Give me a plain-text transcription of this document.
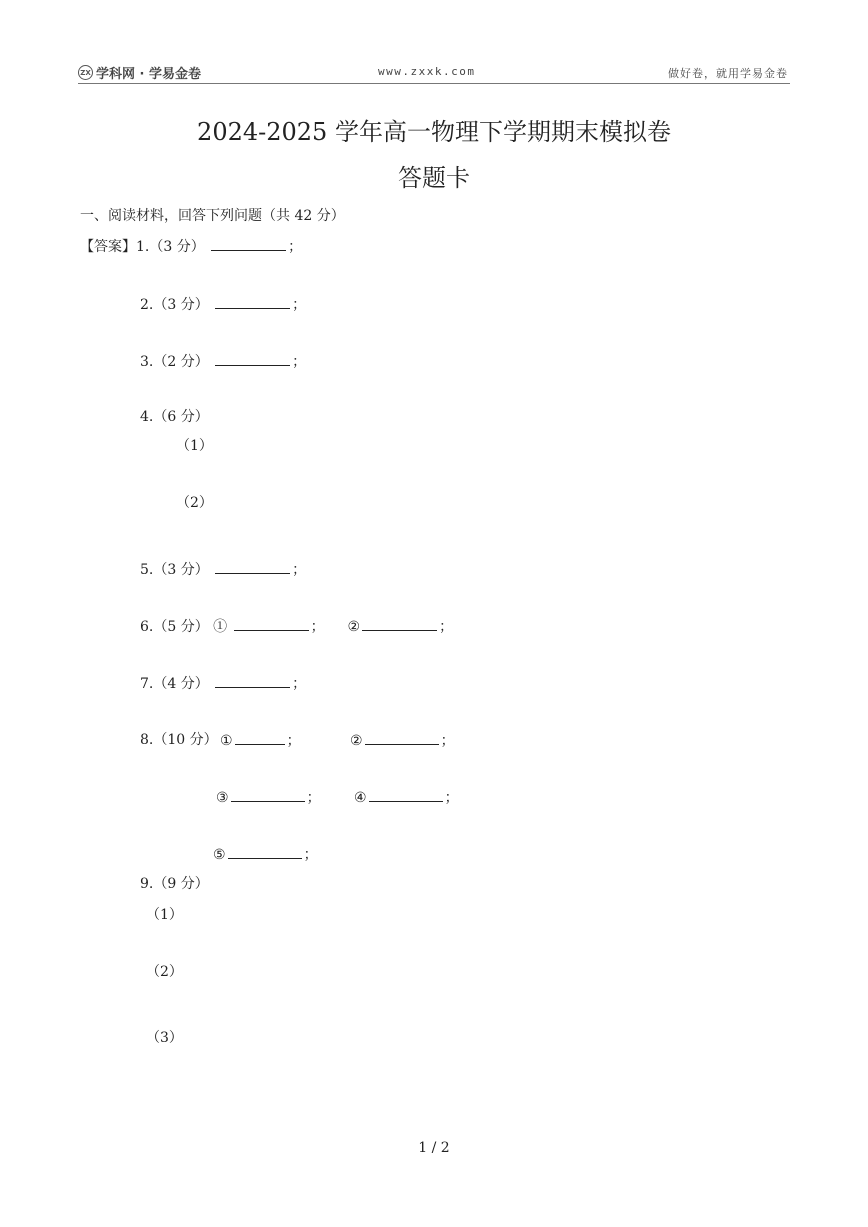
ZX 学科网 · 学易金卷	www.zxxk.com	做好卷，就用学易金卷
2024-2025 学年高一物理下学期期末模拟卷
答题卡
一、阅读材料，回答下列问题（共 42 分）
【答案】1.（3 分）	；
2.（3 分）	；
3.（2 分）	；
4.（6 分）
（1）
（2）
5.（3 分）	；
6.（5 分） ①	； ②	；
7.（4 分）	；
8.（10 分） ①	；	②	；
③	； ④	；
⑤	；
9.（9 分）
（1）
（2）
（3）
1 / 2
